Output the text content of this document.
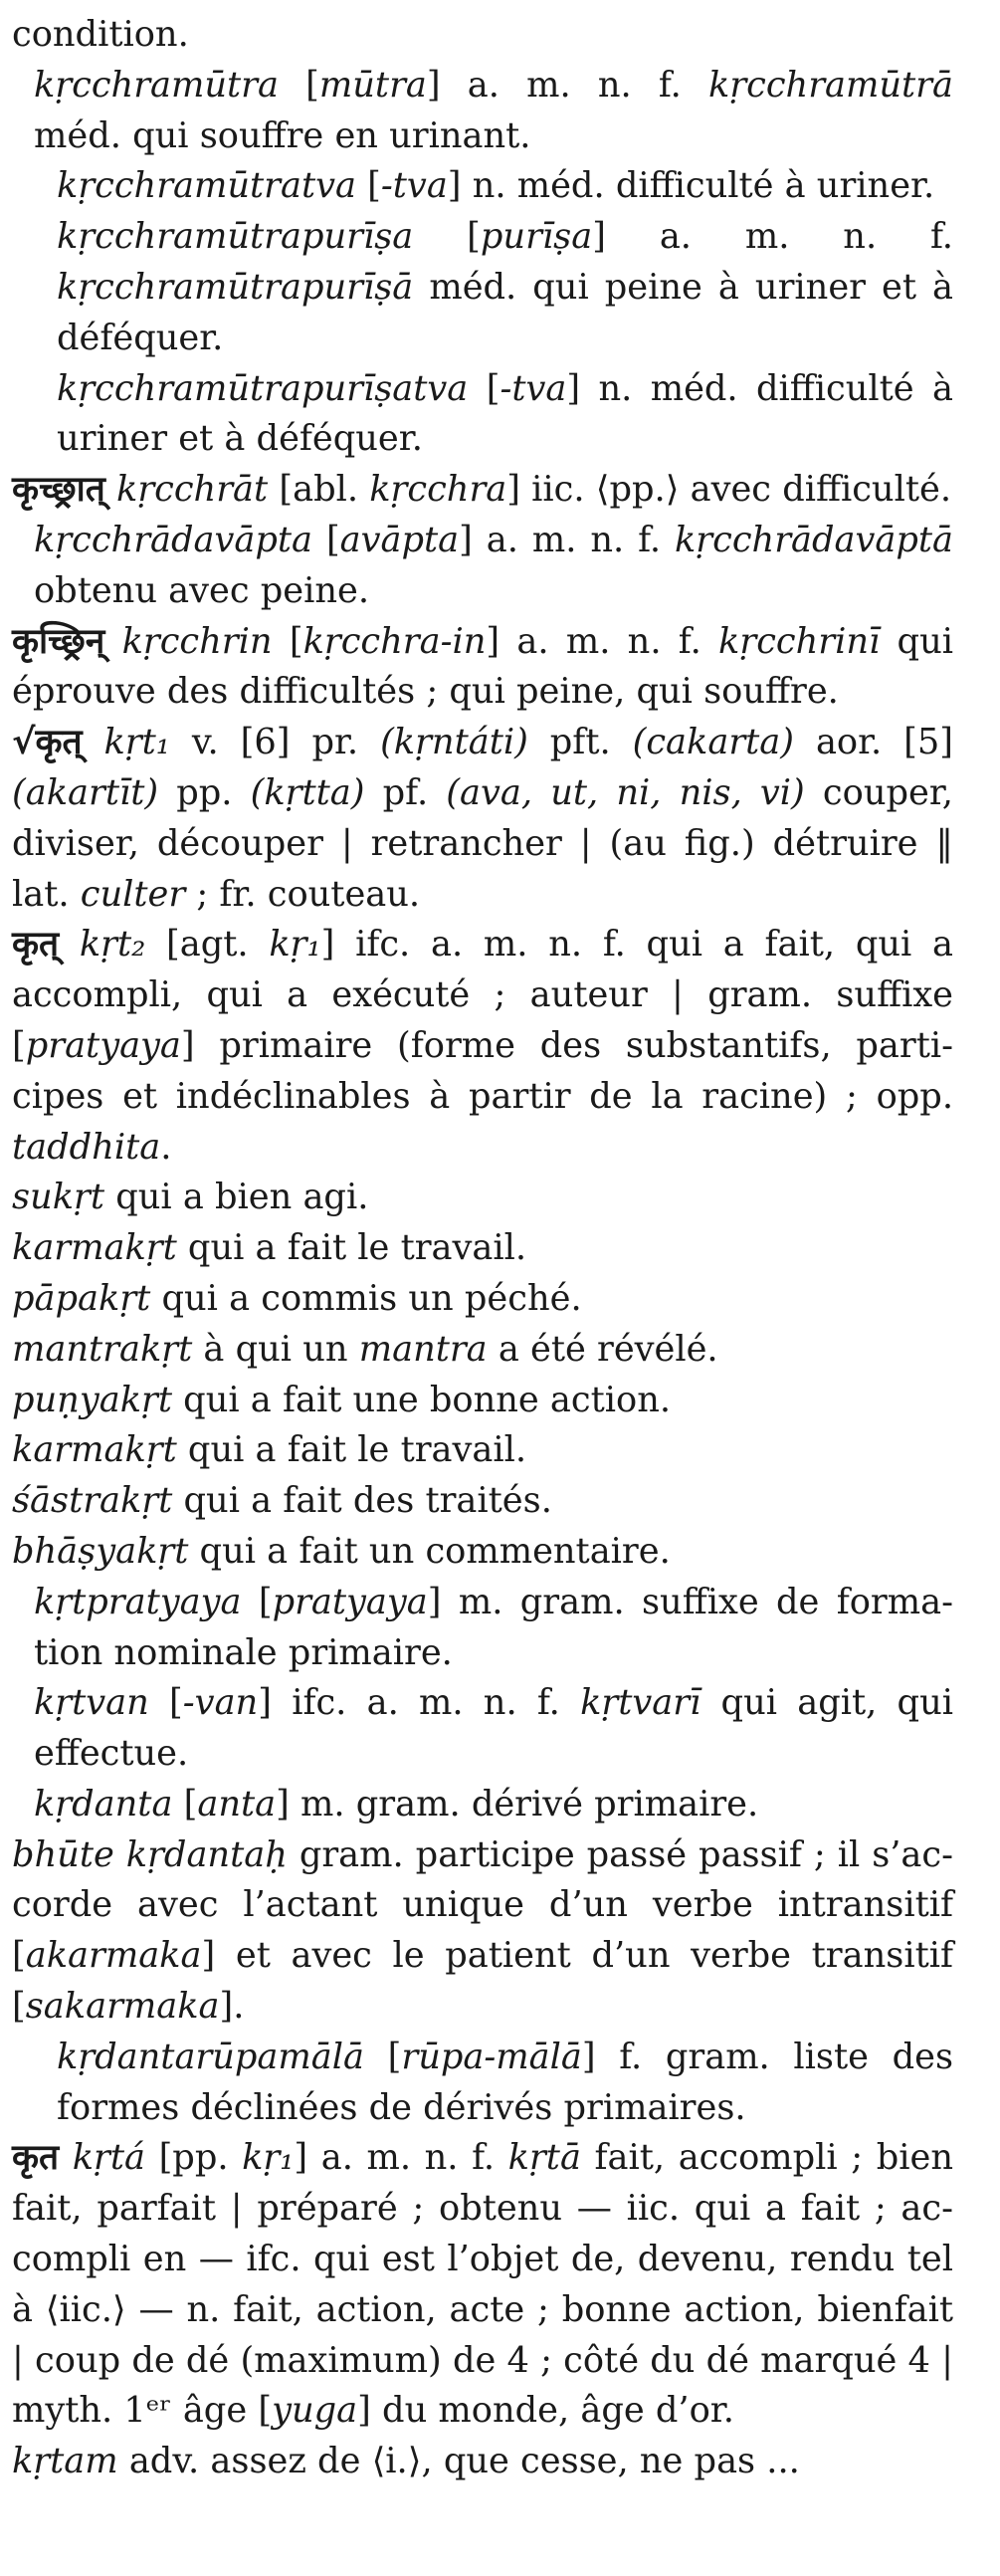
condition.

kṛcchramūtra [mūtra] a. m. n. f. kṛcchramūtrā méd. qui souffre en urinant.

kṛcchramūtratva [-tva] n. méd. difficulté à uriner.

kṛcchramūtrapurīṣa [purīṣa] a. m. n. f. kṛcchramūtrapurīṣā méd. qui peine à uriner et à déféquer.

kṛcchramūtrapurīṣatva [-tva] n. méd. difficulté à uriner et à déféquer.

कृच्छ्रात् kṛcchrāt [abl. kṛcchra] iic. ⟨pp.⟩ avec difficulté.

kṛcchrādavāpta [avāpta] a. m. n. f. kṛcchrādavāptā obtenu avec peine.

कृच्छ्रिन् kṛcchrin [kṛcchra-in] a. m. n. f. kṛcchrinī qui éprouve des difficultés ; qui peine, qui souffre.

√कृत् kṛt₁ v. [6] pr. (kṛntáti) pft. (cakarta) aor. [5] (akartīt) pp. (kṛtta) pf. (ava, ut, ni, nis, vi) couper, diviser, découper | retrancher | (au fig.) détruire ‖ lat. culter ; fr. couteau.

कृत् kṛt₂ [agt. kṛ₁] ifc. a. m. n. f. qui a fait, qui a accompli, qui a exécuté ; auteur | gram. suffixe [pratyaya] primaire (forme des substantifs, participes et indéclinables à partir de la racine) ; opp. taddhita.

sukṛt qui a bien agi.

karmakṛt qui a fait le travail.

pāpakṛt qui a commis un péché.

mantrakṛt à qui un mantra a été révélé.

puṇyakṛt qui a fait une bonne action.

karmakṛt qui a fait le travail.

śāstrakṛt qui a fait des traités.

bhāṣyakṛt qui a fait un commentaire.

kṛtpratyaya [pratyaya] m. gram. suffixe de formation nominale primaire.

kṛtvan [-van] ifc. a. m. n. f. kṛtvarī qui agit, qui effectue.

kṛdanta [anta] m. gram. dérivé primaire.

bhūte kṛdantaḥ gram. participe passé passif ; il s’accorde avec l’actant unique d’un verbe intransitif [akarmaka] et avec le patient d’un verbe transitif [sakarmaka].

kṛdantarūpamālā [rūpa-mālā] f. gram. liste des formes déclinées de dérivés primaires.

कृत kṛtá [pp. kṛ₁] a. m. n. f. kṛtā fait, accompli ; bien fait, parfait | préparé ; obtenu — iic. qui a fait ; accompli en — ifc. qui est l’objet de, devenu, rendu tel à ⟨iic.⟩ — n. fait, action, acte ; bonne action, bienfait | coup de dé (maximum) de 4 ; côté du dé marqué 4 | myth. 1ᵉʳ âge [yuga] du monde, âge d’or.

kṛtam adv. assez de ⟨i.⟩, que cesse, ne pas ...
